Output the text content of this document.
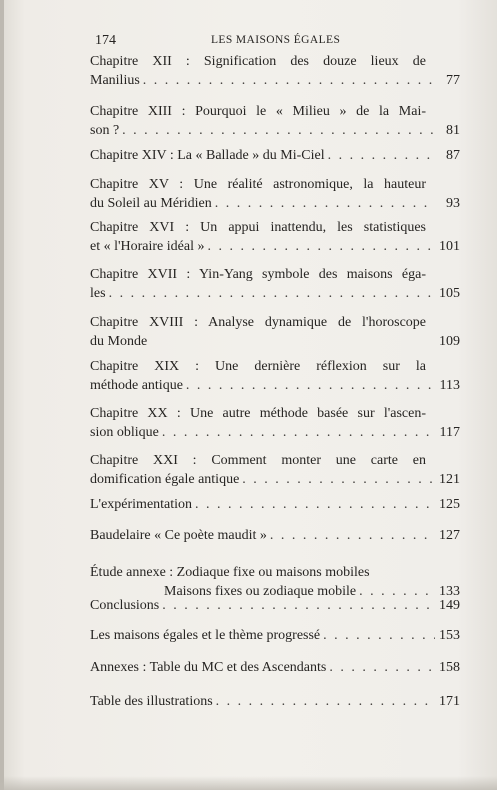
174	LES MAISONS ÉGALES
Chapitre XII : Signification des douze lieux de
Manilius . . .	77
Chapitre XIII : Pourquoi le « Milieu » de la Mai-
son ? . . .	81
Chapitre XIV : La « Ballade » du Mi-Ciel . . .	87
Chapitre XV : Une réalité astronomique, la hauteur
du Soleil au Méridien . . .	93
Chapitre XVI : Un appui inattendu, les statistiques
et « l'Horaire idéal » . . .	101
Chapitre XVII : Yin-Yang symbole des maisons éga-
les . . .	105
Chapitre XVIII : Analyse dynamique de l'horoscope
du Monde	109
Chapitre XIX : Une dernière réflexion sur la
méthode antique . . .	113
Chapitre XX : Une autre méthode basée sur l'ascen-
sion oblique . . .	117
Chapitre XXI : Comment monter une carte en
domification égale antique . . .	121
L'expérimentation . . .	125
Baudelaire « Ce poète maudit » . . .	127
Étude annexe : Zodiaque fixe ou maisons mobiles
Maisons fixes ou zodiaque mobile . . .	133
Conclusions . . .	149
Les maisons égales et le thème progressé . . .	153
Annexes : Table du MC et des Ascendants . . .	158
Table des illustrations . . .	171
